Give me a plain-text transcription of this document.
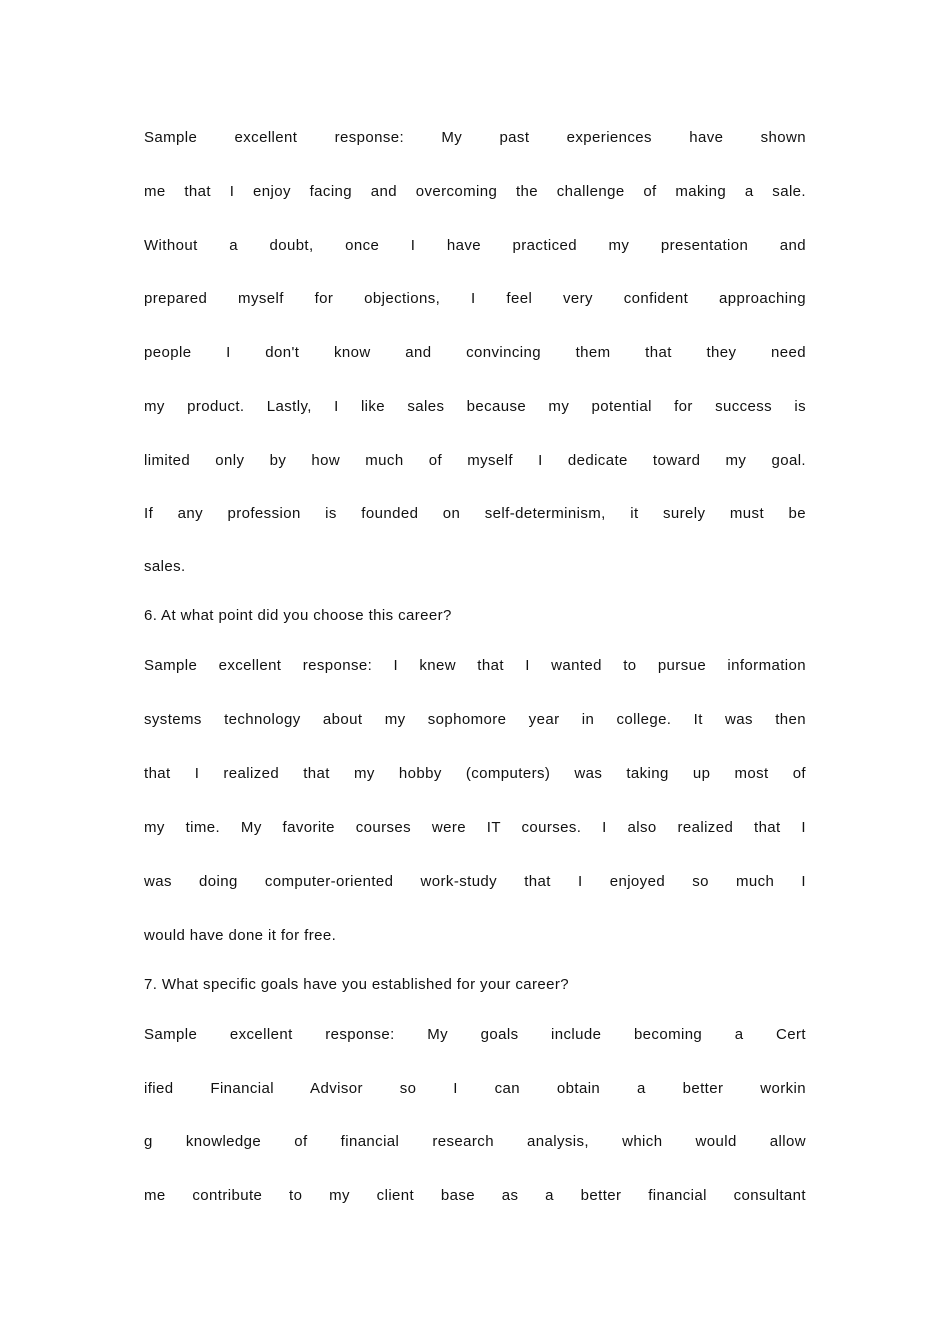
Sample excellent response: My past experiences have shown
me that I enjoy facing and overcoming the challenge of making a sale.
Without a doubt, once I have practiced my presentation and
prepared myself for objections, I feel very confident approaching
people I don't know and convincing them that they need
my product. Lastly, I like sales because my potential for success is
limited only by how much of myself I dedicate toward my goal.
If any profession is founded on self-determinism, it surely must be
sales.
6. At what point did you choose this career?
Sample excellent response: I knew that I wanted to pursue information
systems technology about my sophomore year in college. It was then
that I realized that my hobby (computers) was taking up most of
my time. My favorite courses were IT courses. I also realized that I
was doing computer-oriented work-study that I enjoyed so much I
would have done it for free.
7. What specific goals have you established for your career?
Sample excellent response: My goals include becoming a Cert
ified Financial Advisor so I can obtain a better workin
g knowledge of financial research analysis, which would allow
me contribute to my client base as a better financial consultant
